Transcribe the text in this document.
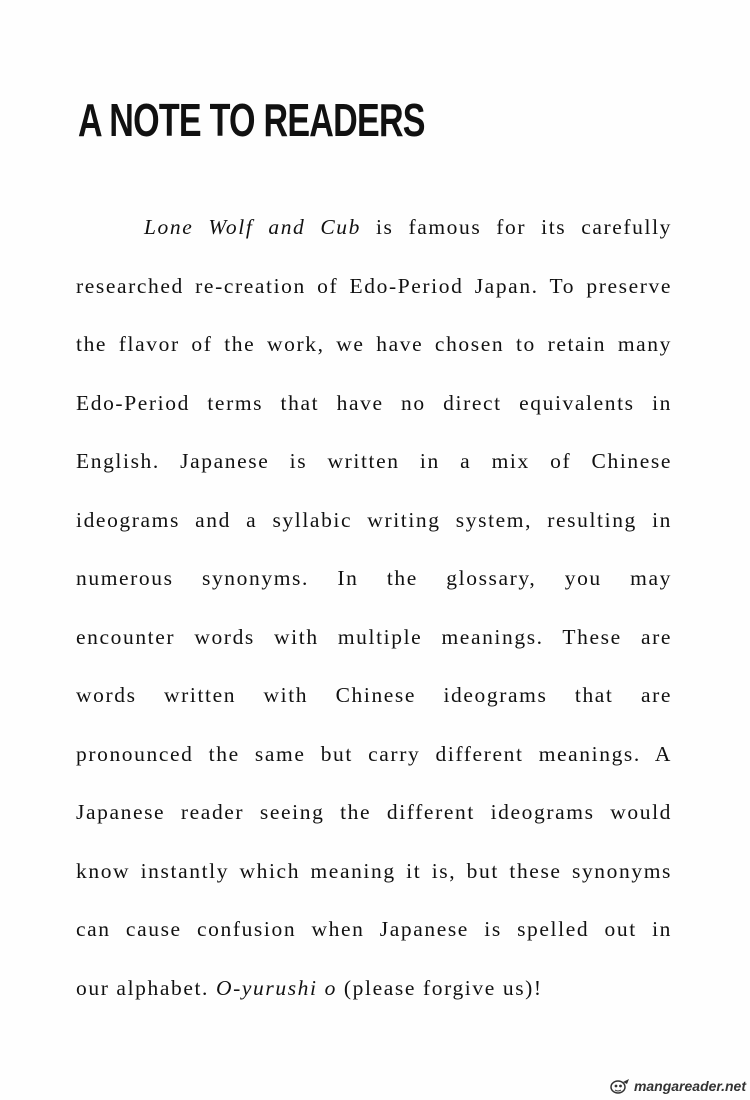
A NOTE TO READERS
Lone Wolf and Cub is famous for its carefully
researched re-creation of Edo-Period Japan. To preserve
the flavor of the work, we have chosen to retain many
Edo-Period terms that have no direct equivalents in
English. Japanese is written in a mix of Chinese
ideograms and a syllabic writing system, resulting in
numerous synonyms. In the glossary, you may
encounter words with multiple meanings. These are
words written with Chinese ideograms that are
pronounced the same but carry different meanings. A
Japanese reader seeing the different ideograms would
know instantly which meaning it is, but these synonyms
can cause confusion when Japanese is spelled out in
our alphabet. O-yurushi o (please forgive us)!
mangareader.net
